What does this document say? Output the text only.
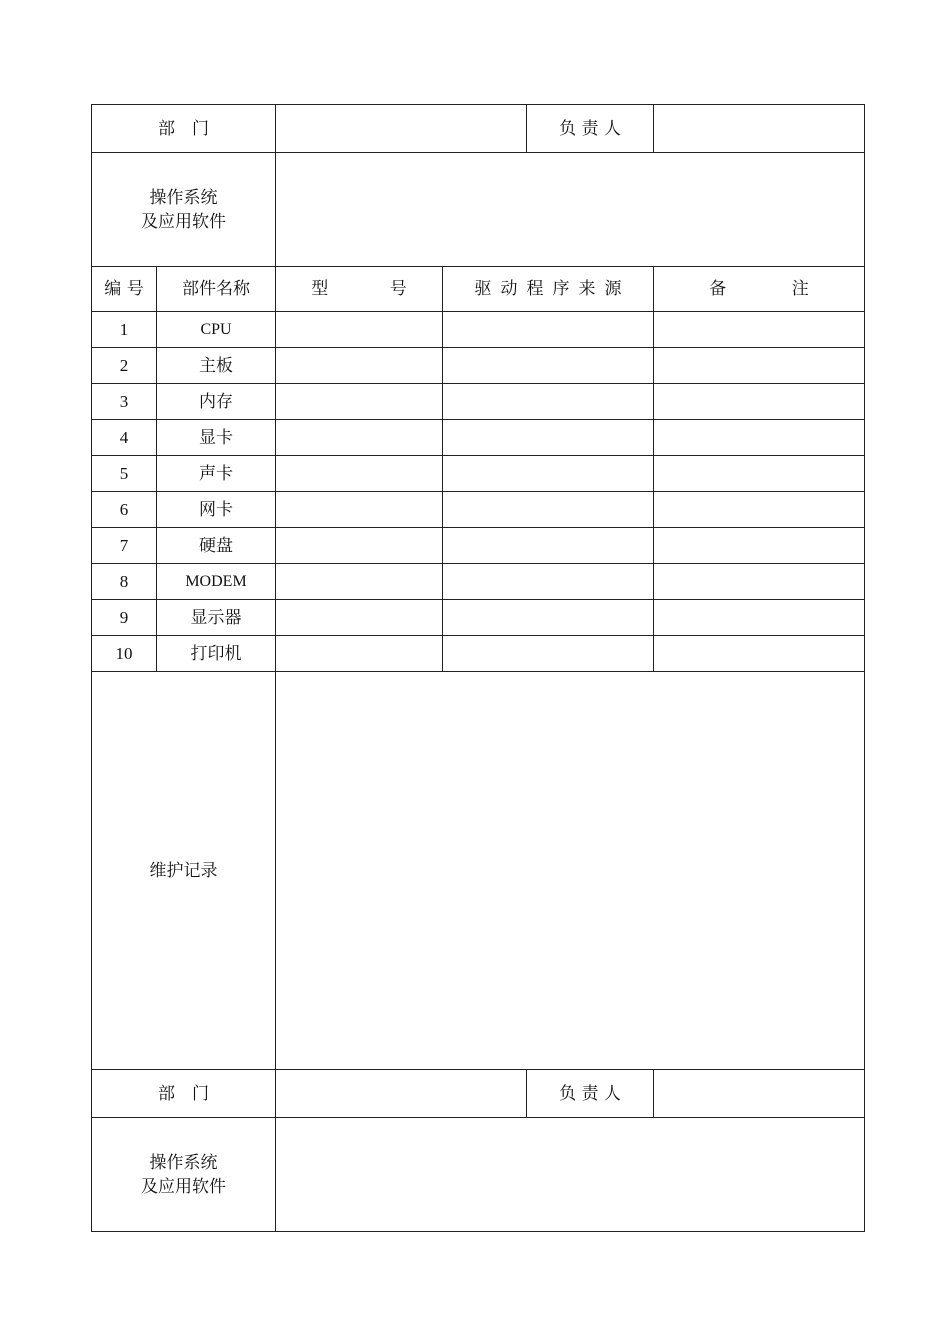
部　门				负 责 人	

操作系统
及应用软件					

编 号	部件名称	型 号	驱动程序来源		备 注
1	CPU				
2	主板				
3	内存				
4	显卡				
5	声卡				
6	网卡				
7	硬盘				
8	MODEM				
9	显示器				
10	打印机				
维护记录					
部　门				负 责 人	

操作系统
及应用软件					
